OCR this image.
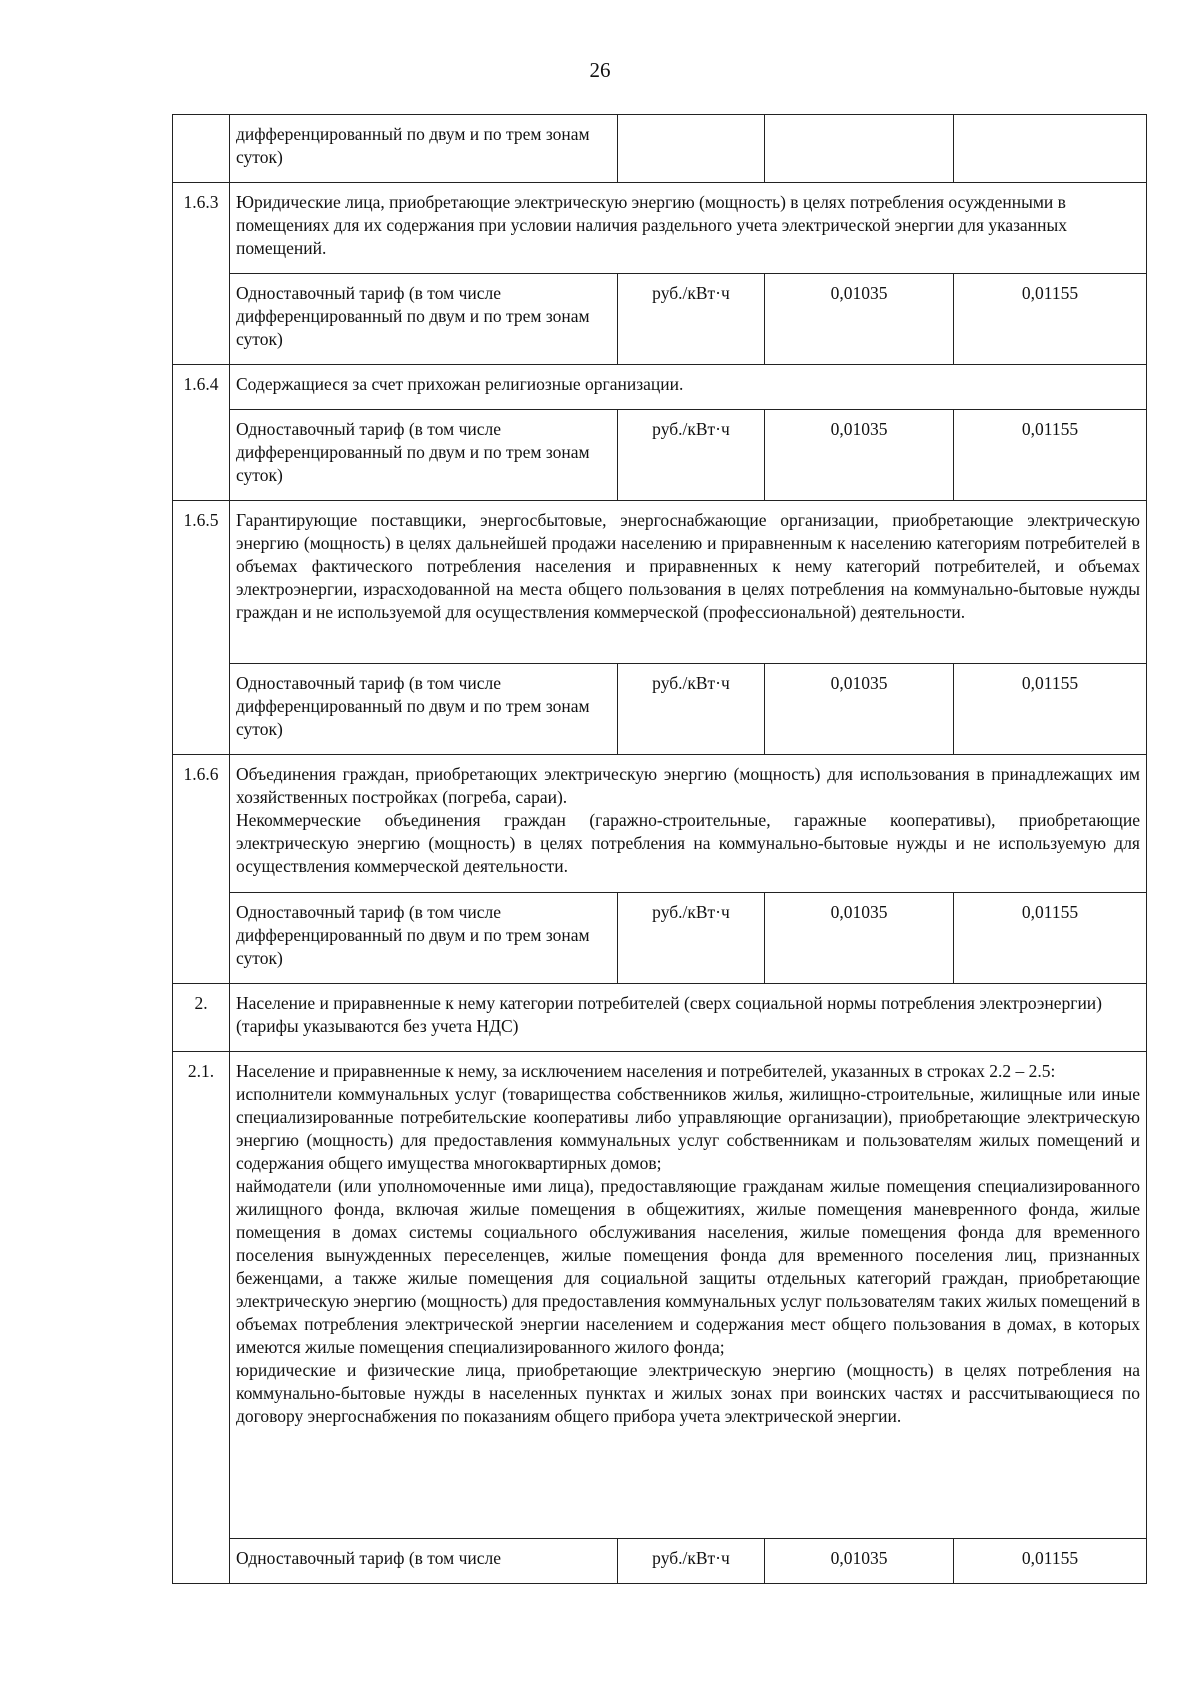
26
	дифференцированный по двум и по трем зонам суток)			
1.6.3	Юридические лица, приобретающие электрическую энергию (мощность) в целях потребления осужденными в помещениях для их содержания при условии наличия раздельного учета электрической энергии для указанных помещений.			
	Одноставочный тариф (в том числе дифференцированный по двум и по трем зонам суток)	руб./кВт·ч	0,01035	0,01155
1.6.4	Содержащиеся за счет прихожан религиозные организации.			
	Одноставочный тариф (в том числе дифференцированный по двум и по трем зонам суток)	руб./кВт·ч	0,01035	0,01155
1.6.5	Гарантирующие поставщики, энергосбытовые, энергоснабжающие организации, приобретающие электрическую энергию (мощность) в целях дальнейшей продажи населению и приравненным к населению категориям потребителей в объемах фактического потребления населения и приравненных к нему категорий потребителей, и объемах электроэнергии, израсходованной на места общего пользования в целях потребления на коммунально-бытовые нужды граждан и не используемой для осуществления коммерческой (профессиональной) деятельности.			
	Одноставочный тариф (в том числе дифференцированный по двум и по трем зонам суток)	руб./кВт·ч	0,01035	0,01155
1.6.6	Объединения граждан, приобретающих электрическую энергию (мощность) для использования в принадлежащих им хозяйственных постройках (погреба, сараи).
Некоммерческие объединения граждан (гаражно-строительные, гаражные кооперативы), приобретающие электрическую энергию (мощность) в целях потребления на коммунально-бытовые нужды и не используемую для осуществления коммерческой деятельности.			

	Одноставочный тариф (в том числе дифференцированный по двум и по трем зонам суток)	руб./кВт·ч	0,01035	0,01155
2.	Население и приравненные к нему категории потребителей (сверх социальной нормы потребления электроэнергии) (тарифы указываются без учета НДС)			
2.1.	Население и приравненные к нему, за исключением населения и потребителей, указанных в строках 2.2 – 2.5:
исполнители коммунальных услуг (товарищества собственников жилья, жилищно-строительные, жилищные или иные специализированные потребительские кооперативы либо управляющие организации), приобретающие электрическую энергию (мощность) для предоставления коммунальных услуг собственникам и пользователям жилых помещений и содержания общего имущества многоквартирных домов;
наймодатели (или уполномоченные ими лица), предоставляющие гражданам жилые помещения специализированного жилищного фонда, включая жилые помещения в общежитиях, жилые помещения маневренного фонда, жилые помещения в домах системы социального обслуживания населения, жилые помещения фонда для временного поселения вынужденных переселенцев, жилые помещения фонда для временного поселения лиц, признанных беженцами, а также жилые помещения для социальной защиты отдельных категорий граждан, приобретающие электрическую энергию (мощность) для предоставления коммунальных услуг пользователям таких жилых помещений в объемах потребления электрической энергии населением и содержания мест общего пользования в домах, в которых имеются жилые помещения специализированного жилого фонда;
юридические и физические лица, приобретающие электрическую энергию (мощность) в целях потребления на коммунально-бытовые нужды в населенных пунктах и жилых зонах при воинских частях и рассчитывающиеся по договору энергоснабжения по показаниям общего прибора учета электрической энергии.			

	Одноставочный тариф (в том числе	руб./кВт·ч	0,01035	0,01155
